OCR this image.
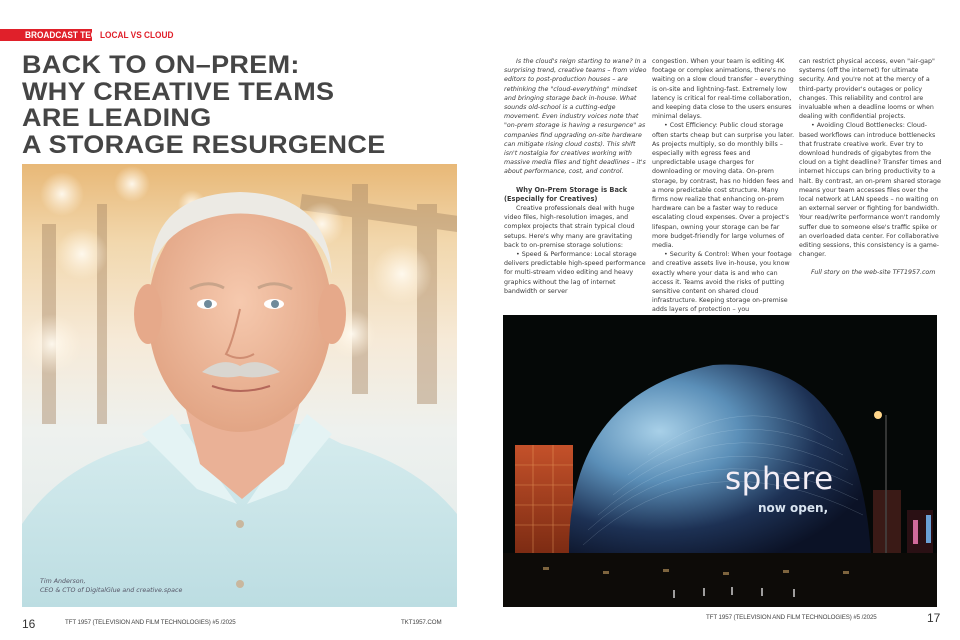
BROADCAST TECH
LOCAL VS CLOUD
BACK TO ON–PREM:
WHY CREATIVE TEAMS
ARE LEADING
A STORAGE RESURGENCE
Tim Anderson,
CEO & CTO of DigitalGlue and creative.space

Is the cloud's reign starting to wane? In a surprising trend, creative teams – from video editors to post-production houses – are rethinking the "cloud-everything" mindset and bringing storage back in-house. What sounds old-school is a cutting-edge movement. Even industry voices note that "on-prem storage is having a resurgence" as companies find upgrading on-site hardware can mitigate rising cloud costs). This shift isn't nostalgia for creatives working with massive media files and tight deadlines – it's about performance, cost, and control.

Why On-Prem Storage is Back (Especially for Creatives)

Creative professionals deal with huge video files, high-resolution images, and complex projects that strain typical cloud setups. Here's why many are gravitating back to on-premise storage solutions:

• Speed & Performance: Local storage delivers predictable high-speed performance for multi-stream video editing and heavy graphics without the lag of internet bandwidth or server

congestion. When your team is editing 4K footage or complex animations, there's no waiting on a slow cloud transfer – everything is on-site and lightning-fast. Extremely low latency is critical for real-time collaboration, and keeping data close to the users ensures minimal delays.

• Cost Efficiency: Public cloud storage often starts cheap but can surprise you later. As projects multiply, so do monthly bills – especially with egress fees and unpredictable usage charges for downloading or moving data. On-prem storage, by contrast, has no hidden fees and a more predictable cost structure. Many firms now realize that enhancing on-prem hardware can be a faster way to reduce escalating cloud expenses. Over a project's lifespan, owning your storage can be far more budget-friendly for large volumes of media.

• Security & Control: When your footage and creative assets live in-house, you know exactly where your data is and who can access it. Teams avoid the risks of putting sensitive content on shared cloud infrastructure. Keeping storage on-premise adds layers of protection – you

can restrict physical access, even "air-gap" systems (off the internet) for ultimate security. And you're not at the mercy of a third-party provider's outages or policy changes. This reliability and control are invaluable when a deadline looms or when dealing with confidential projects.

• Avoiding Cloud Bottlenecks: Cloud-based workflows can introduce bottlenecks that frustrate creative work. Ever try to download hundreds of gigabytes from the cloud on a tight deadline? Transfer times and internet hiccups can bring productivity to a halt. By contrast, an on-prem shared storage means your team accesses files over the local network at LAN speeds – no waiting on an external server or fighting for bandwidth. Your read/write performance won't randomly suffer due to someone else's traffic spike or an overloaded data center. For collaborative editing sessions, this consistency is a game-changer.

Full story on the web-site TFT1957.com

sphere
now open,
16	TFT 1957 (TELEVISION AND FILM TECHNOLOGIES) #5 /2025	TKT1957.COM
TFT 1957 (TELEVISION AND FILM TECHNOLOGIES) #5 /2025	17
